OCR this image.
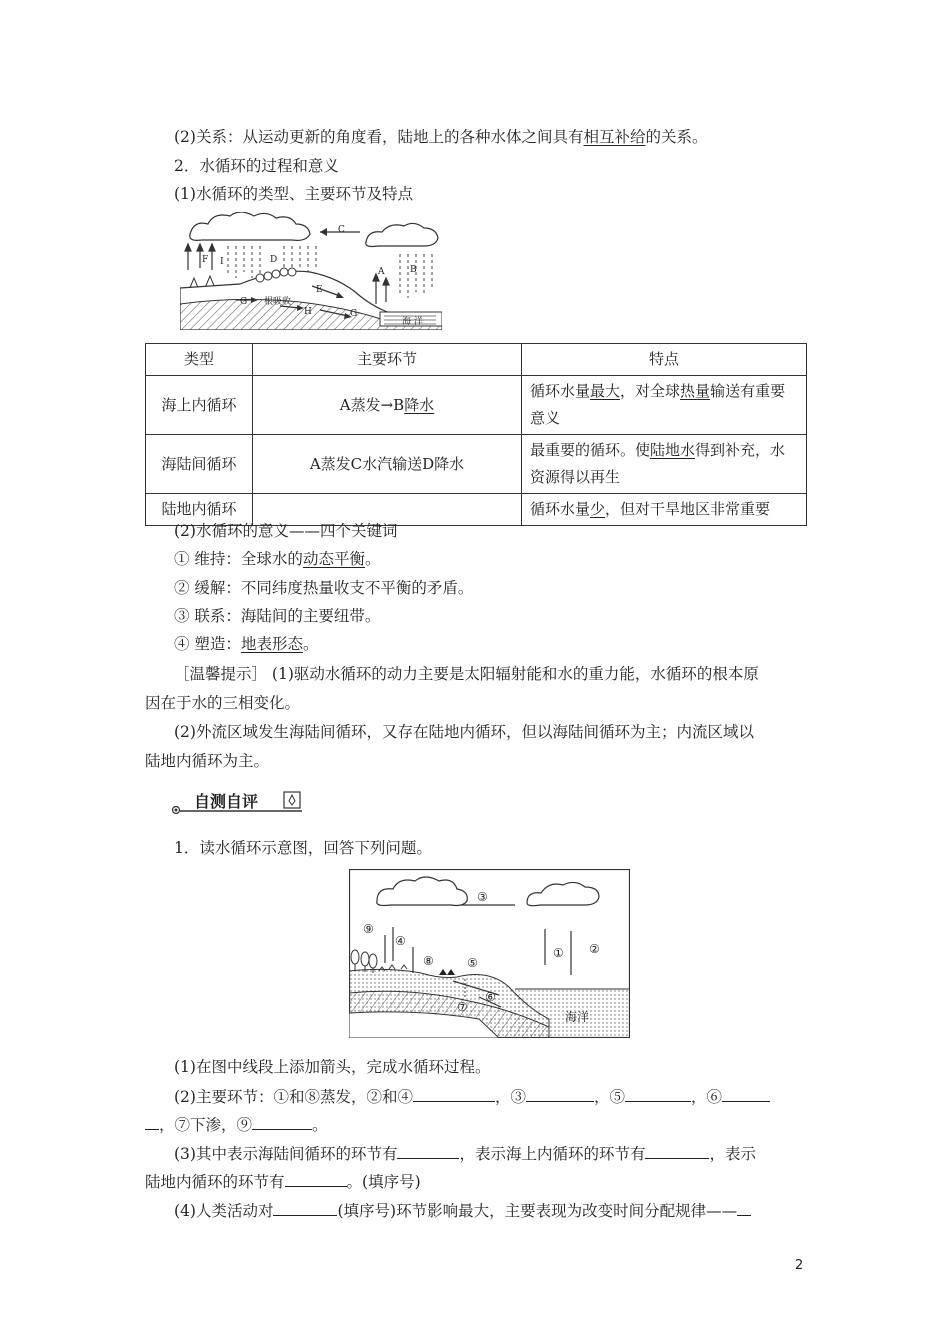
(2)关系：从运动更新的角度看，陆地上的各种水体之间具有相互补给的关系。
2．水循环的过程和意义
(1)水循环的类型、主要环节及特点
C
F I	D
A	B
E
G
H	G
根吸收
海 洋
类型	主要环节	特点
海上内循环	A蒸发→B降水	循环水量最大，对全球热量输送有重要意义
海陆间循环	A蒸发C水汽输送D降水	最重要的循环。使陆地水得到补充，水资源得以再生
陆地内循环		循环水量少，但对干旱地区非常重要
(2)水循环的意义——四个关键词
① 维持：全球水的动态平衡。
② 缓解：不同纬度热量收支不平衡的矛盾。
③ 联系：海陆间的主要纽带。
④ 塑造：地表形态。
［温馨提示］ (1)驱动水循环的动力主要是太阳辐射能和水的重力能，水循环的根本原
因在于水的三相变化。
(2)外流区域发生海陆间循环，又存在陆地内循环，但以海陆间循环为主；内流区域以
陆地内循环为主。
自测自评
1．读水循环示意图，回答下列问题。
③
⑨
④
⑧	⑤
① ②
⑦
⑥
海洋
(1)在图中线段上添加箭头，完成水循环过程。
(2)主要环节：①和⑧蒸发，②和④	，③	，⑤	，⑥
，⑦下渗，⑨	。
(3)其中表示海陆间循环的环节有	，表示海上内循环的环节有	，表示
陆地内循环的环节有	。(填序号)
(4)人类活动对	(填序号)环节影响最大，主要表现为改变时间分配规律——
2
